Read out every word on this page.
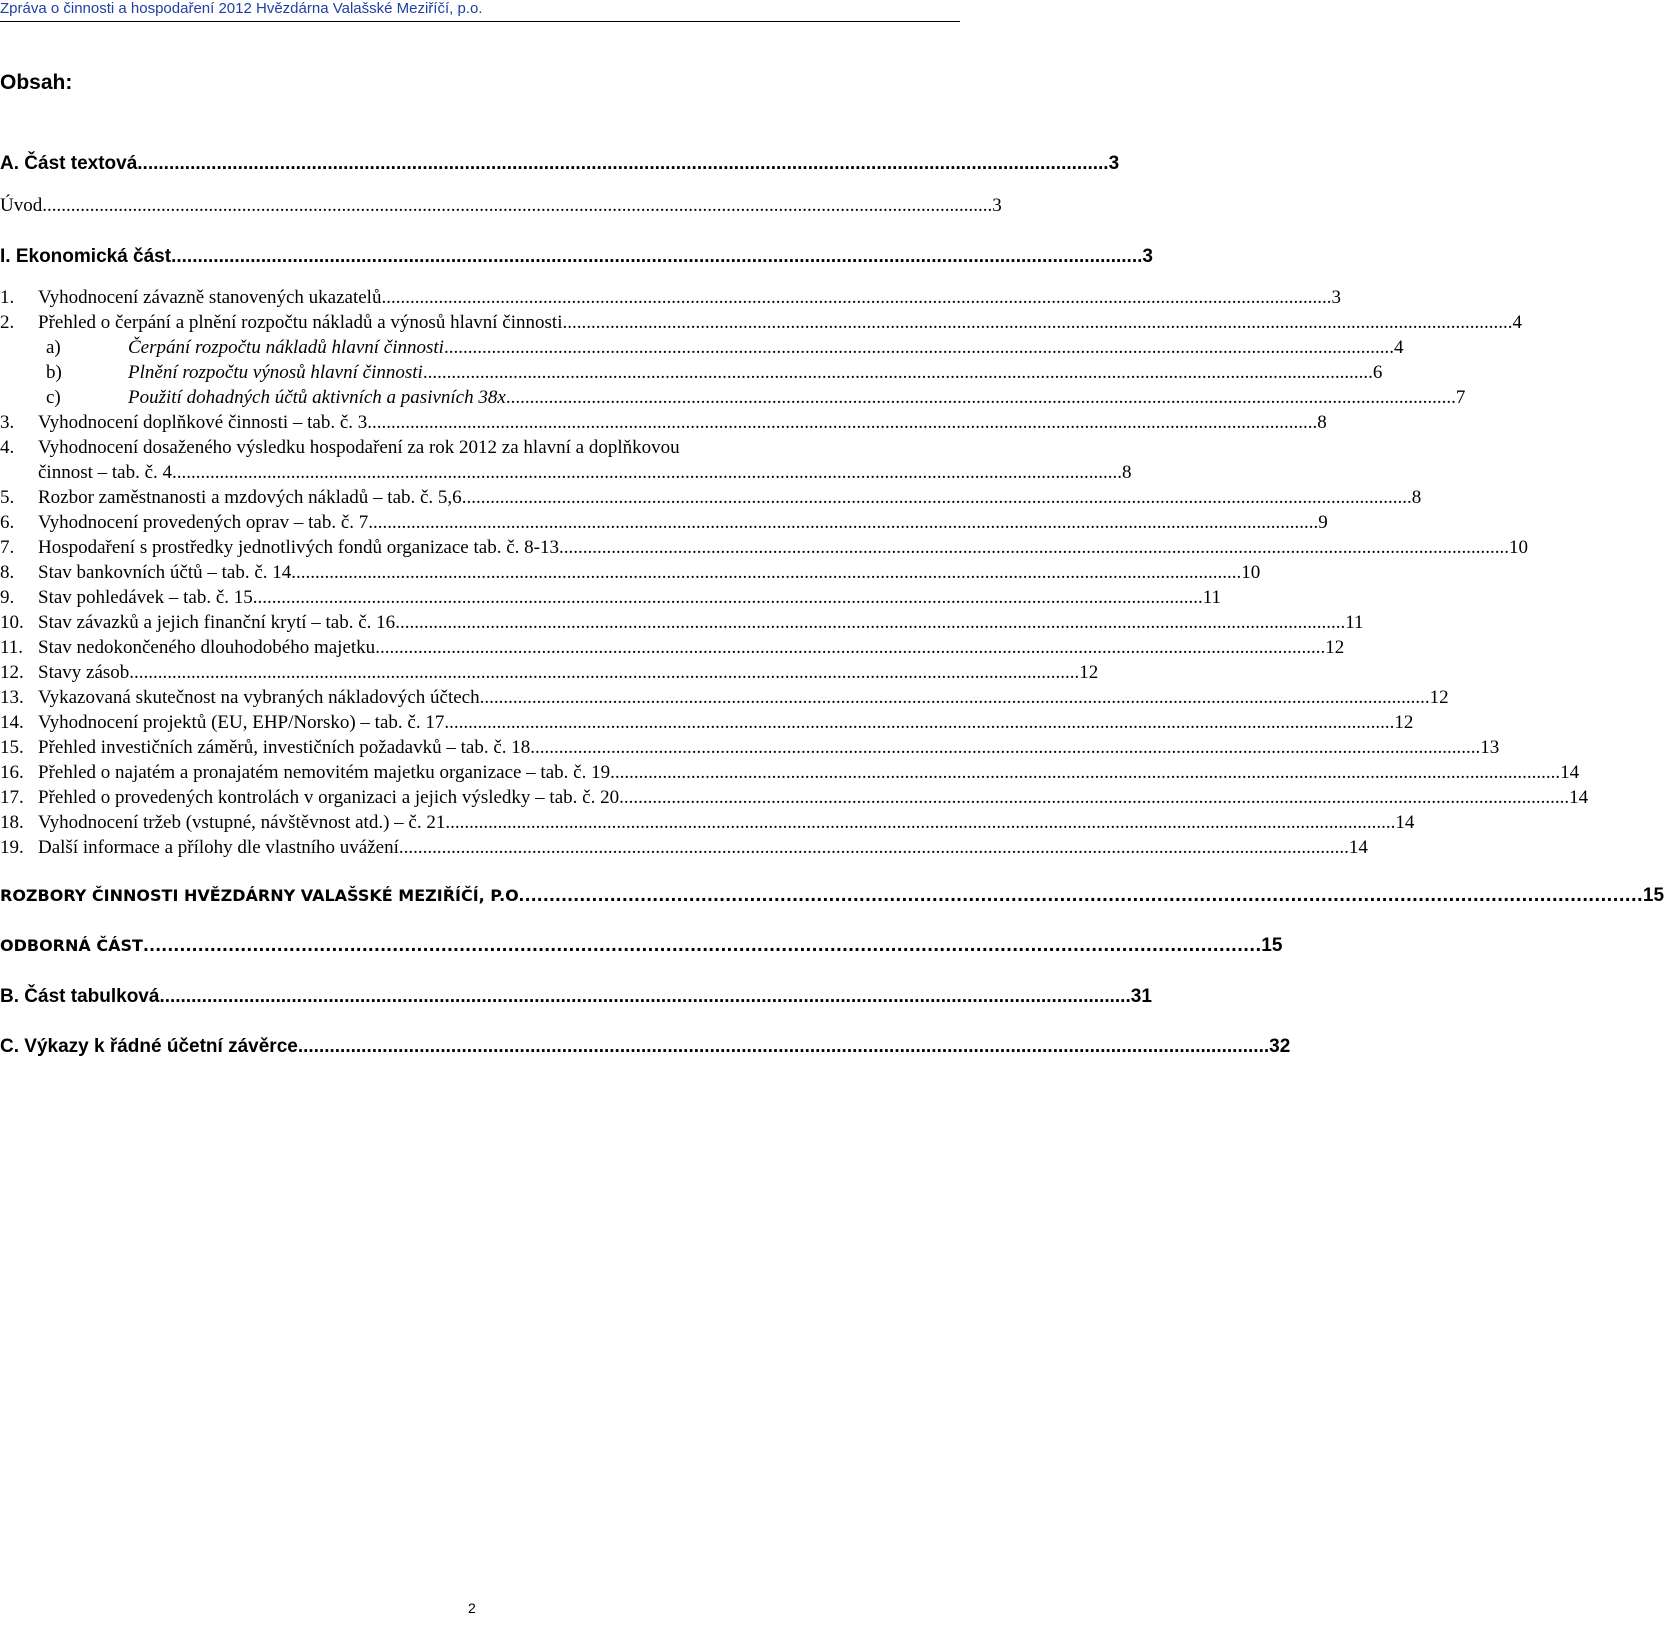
Zpráva o činnosti a hospodaření 2012 Hvězdárna Valašské Meziříčí, p.o.
Obsah:
A. Část textová ........................................................................................................................................................................................ 3
Úvod ........................................................................................................................................................................................................ 3
I. Ekonomická část ........................................................................................................................................................................................ 3
1.	Vyhodnocení závazně stanovených ukazatelů ........................................................................................................................................................................................................ 3
2.	Přehled o čerpání a plnění rozpočtu nákladů a výnosů hlavní činnosti ........................................................................................................................................................................................................ 4
a)	Čerpání rozpočtu nákladů hlavní činnosti ........................................................................................................................................................................................................ 4
b)	Plnění rozpočtu výnosů hlavní činnosti ........................................................................................................................................................................................................ 6
c)	Použití dohadných účtů aktivních a pasivních 38x ........................................................................................................................................................................................................ 7
3.	Vyhodnocení doplňkové činnosti – tab. č. 3 ........................................................................................................................................................................................................ 8
4. Vyhodnocení dosaženého výsledku hospodaření za rok 2012 za hlavní a doplňkovou
činnost – tab. č. 4 ........................................................................................................................................................................................................ 8
5.	Rozbor zaměstnanosti a mzdových nákladů – tab. č. 5,6 ........................................................................................................................................................................................................ 8
6.	Vyhodnocení provedených oprav – tab. č. 7 ........................................................................................................................................................................................................ 9
7.	Hospodaření s prostředky jednotlivých fondů organizace tab. č. 8-13 ........................................................................................................................................................................................................ 10
8.	Stav bankovních účtů – tab. č. 14 ........................................................................................................................................................................................................ 10
9.	Stav pohledávek – tab. č. 15 ........................................................................................................................................................................................................ 11
10. Stav závazků a jejich finanční krytí – tab. č. 16 ........................................................................................................................................................................................................ 11
11. Stav nedokončeného dlouhodobého majetku ........................................................................................................................................................................................................ 12
12. Stavy zásob ........................................................................................................................................................................................................ 12
13. Vykazovaná skutečnost na vybraných nákladových účtech ........................................................................................................................................................................................................ 12
14. Vyhodnocení projektů (EU, EHP/Norsko) – tab. č. 17 ........................................................................................................................................................................................................ 12
15. Přehled investičních záměrů, investičních požadavků – tab. č. 18 ........................................................................................................................................................................................................ 13
16. Přehled o najatém a pronajatém nemovitém majetku organizace – tab. č. 19 ........................................................................................................................................................................................................ 14
17. Přehled o provedených kontrolách v organizaci a jejich výsledky – tab. č. 20 ........................................................................................................................................................................................................ 14
18. Vyhodnocení tržeb (vstupné, návštěvnost atd.) – č. 21 ........................................................................................................................................................................................................ 14
19. Další informace a přílohy dle vlastního uvážení ........................................................................................................................................................................................................ 14
ROZBORY ČINNOSTI HVĚZDÁRNY VALAŠSKÉ MEZIŘÍČÍ, P.O. ........................................................................................................................................................................................ 15
ODBORNÁ ČÁST ........................................................................................................................................................................................ 15
B. Část tabulková ........................................................................................................................................................................................ 31
C. Výkazy k řádné účetní závěrce ........................................................................................................................................................................................ 32
2
